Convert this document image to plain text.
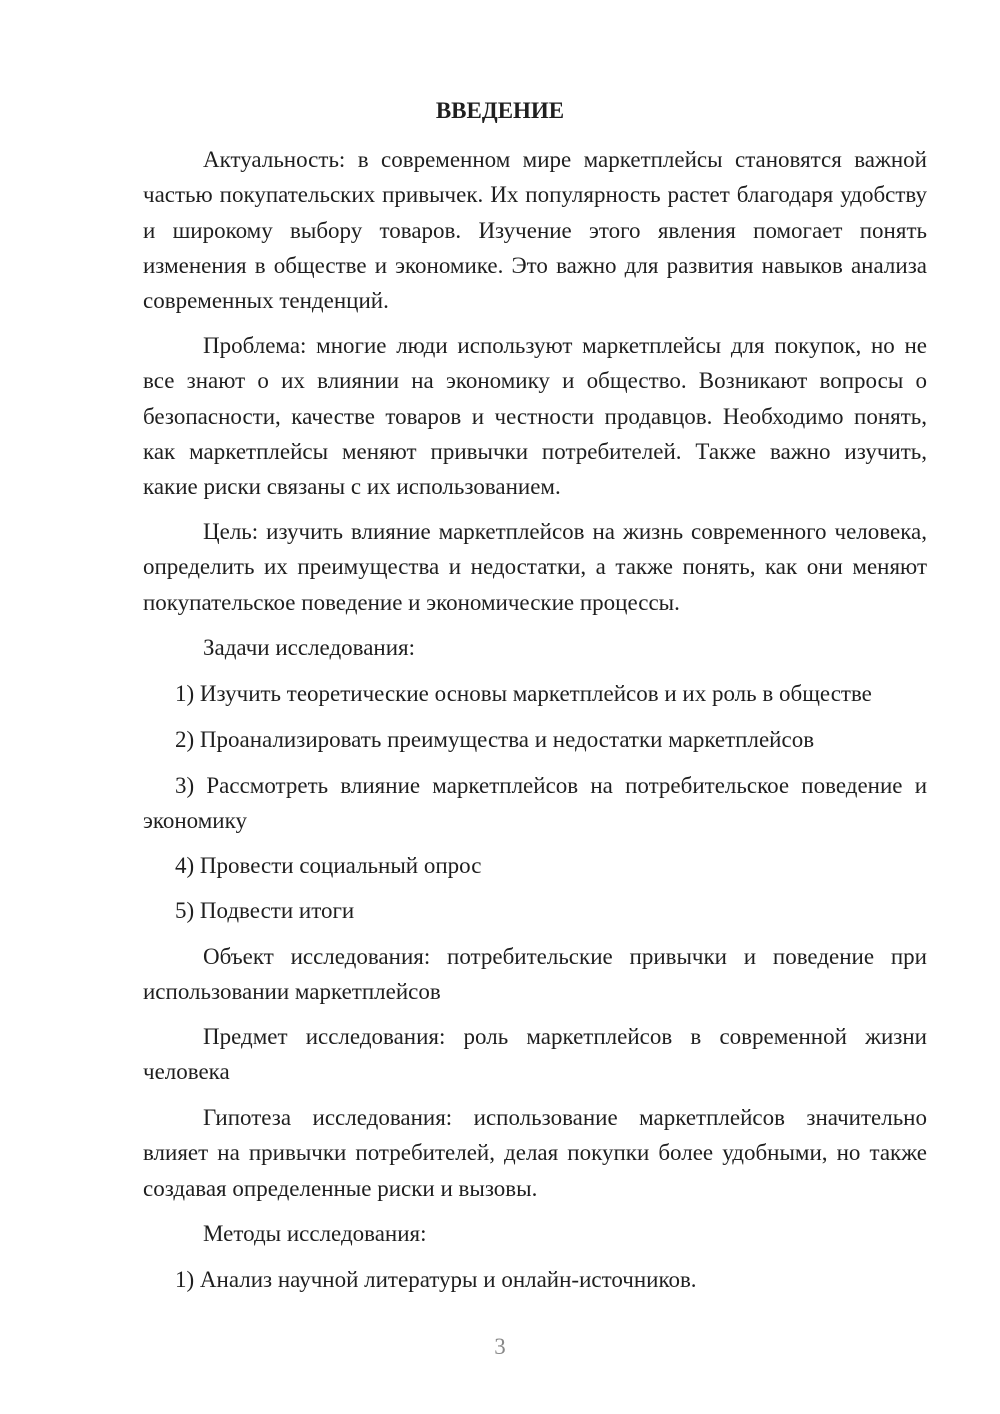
ВВЕДЕНИЕ

Актуальность: в современном мире маркетплейсы становятся важной частью покупательских привычек. Их популярность растет благодаря удобству и широкому выбору товаров. Изучение этого явления помогает понять изменения в обществе и экономике. Это важно для развития навыков анализа современных тенденций.

Проблема: многие люди используют маркетплейсы для покупок, но не все знают о их влиянии на экономику и общество. Возникают вопросы о безопасности, качестве товаров и честности продавцов. Необходимо понять, как маркетплейсы меняют привычки потребителей. Также важно изучить, какие риски связаны с их использованием.

Цель: изучить влияние маркетплейсов на жизнь современного человека, определить их преимущества и недостатки, а также понять, как они меняют покупательское поведение и экономические процессы.

Задачи исследования:

1) Изучить теоретические основы маркетплейсов и их роль в обществе

2) Проанализировать преимущества и недостатки маркетплейсов

3) Рассмотреть влияние маркетплейсов на потребительское поведение и экономику

4) Провести социальный опрос

5) Подвести итоги

Объект исследования: потребительские привычки и поведение при использовании маркетплейсов

Предмет исследования: роль маркетплейсов в современной жизни человека

Гипотеза исследования: использование маркетплейсов значительно влияет на привычки потребителей, делая покупки более удобными, но также создавая определенные риски и вызовы.

Методы исследования:

1) Анализ научной литературы и онлайн-источников.

3
